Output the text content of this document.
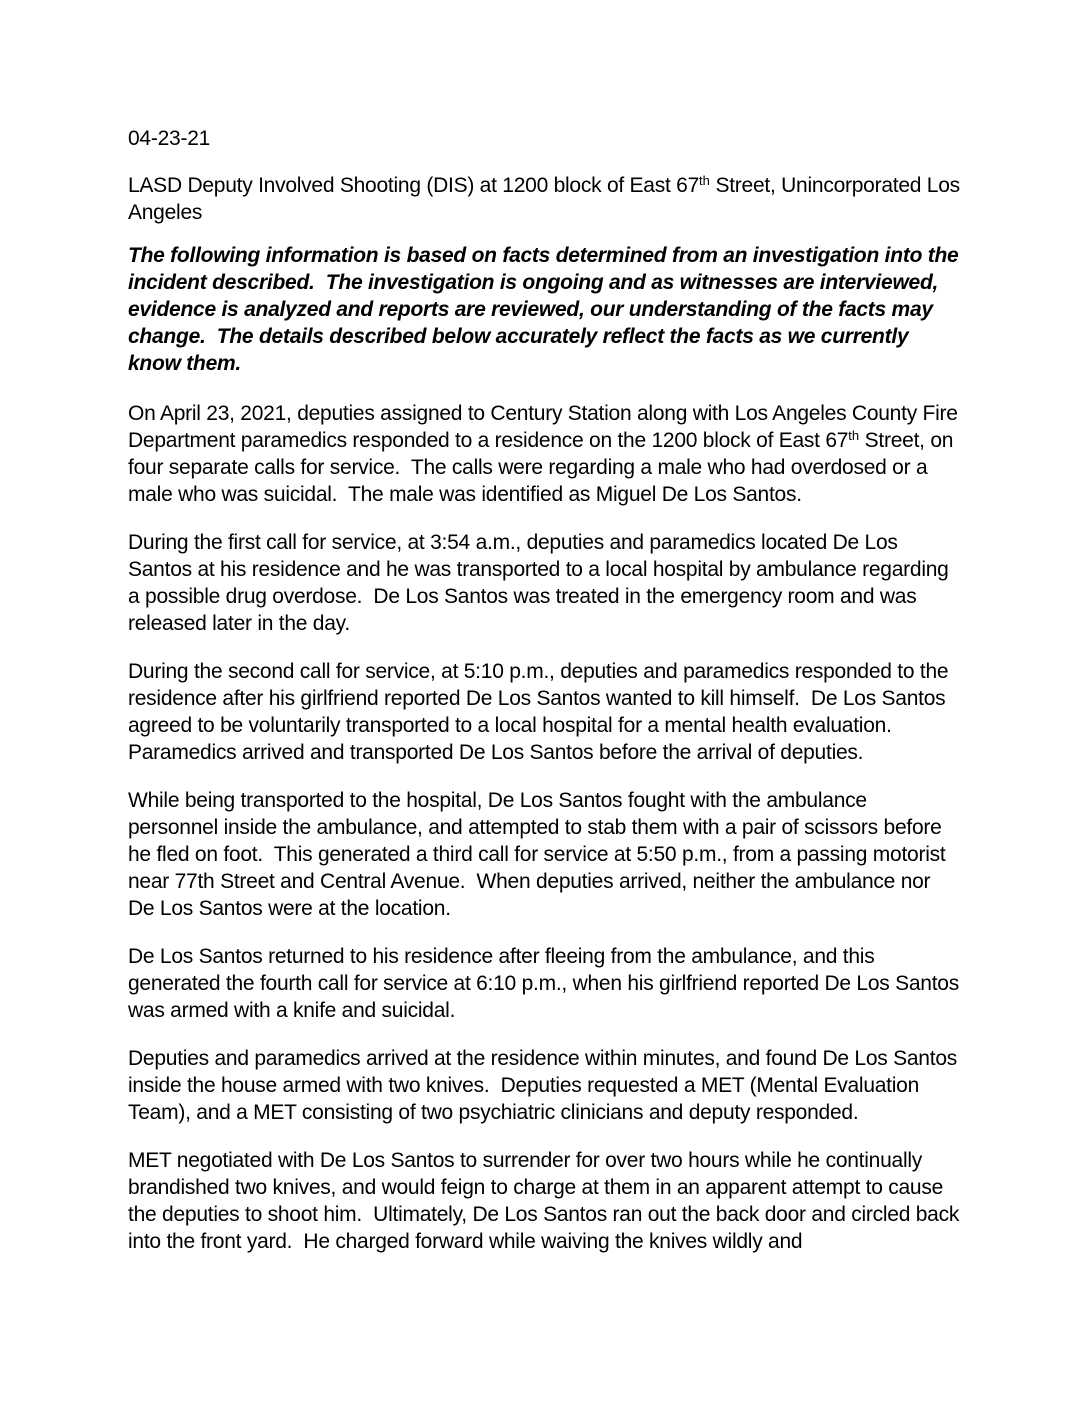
04-23-21

LASD Deputy Involved Shooting (DIS) at 1200 block of East 67th Street, Unincorporated Los Angeles

The following information is based on facts determined from an investigation into the incident described.  The investigation is ongoing and as witnesses are interviewed, evidence is analyzed and reports are reviewed, our understanding of the facts may change.  The details described below accurately reflect the facts as we currently know them.

On April 23, 2021, deputies assigned to Century Station along with Los Angeles County Fire Department paramedics responded to a residence on the 1200 block of East 67th Street, on four separate calls for service.  The calls were regarding a male who had overdosed or a male who was suicidal.  The male was identified as Miguel De Los Santos.

During the first call for service, at 3:54 a.m., deputies and paramedics located De Los Santos at his residence and he was transported to a local hospital by ambulance regarding a possible drug overdose.  De Los Santos was treated in the emergency room and was released later in the day.

During the second call for service, at 5:10 p.m., deputies and paramedics responded to the residence after his girlfriend reported De Los Santos wanted to kill himself.  De Los Santos agreed to be voluntarily transported to a local hospital for a mental health evaluation.  Paramedics arrived and transported De Los Santos before the arrival of deputies.

While being transported to the hospital, De Los Santos fought with the ambulance personnel inside the ambulance, and attempted to stab them with a pair of scissors before he fled on foot.  This generated a third call for service at 5:50 p.m., from a passing motorist near 77th Street and Central Avenue.  When deputies arrived, neither the ambulance nor De Los Santos were at the location.

De Los Santos returned to his residence after fleeing from the ambulance, and this generated the fourth call for service at 6:10 p.m., when his girlfriend reported De Los Santos was armed with a knife and suicidal.

Deputies and paramedics arrived at the residence within minutes, and found De Los Santos inside the house armed with two knives.  Deputies requested a MET (Mental Evaluation Team), and a MET consisting of two psychiatric clinicians and deputy responded.

MET negotiated with De Los Santos to surrender for over two hours while he continually brandished two knives, and would feign to charge at them in an apparent attempt to cause the deputies to shoot him.  Ultimately, De Los Santos ran out the back door and circled back into the front yard.  He charged forward while waiving the knives wildly and
